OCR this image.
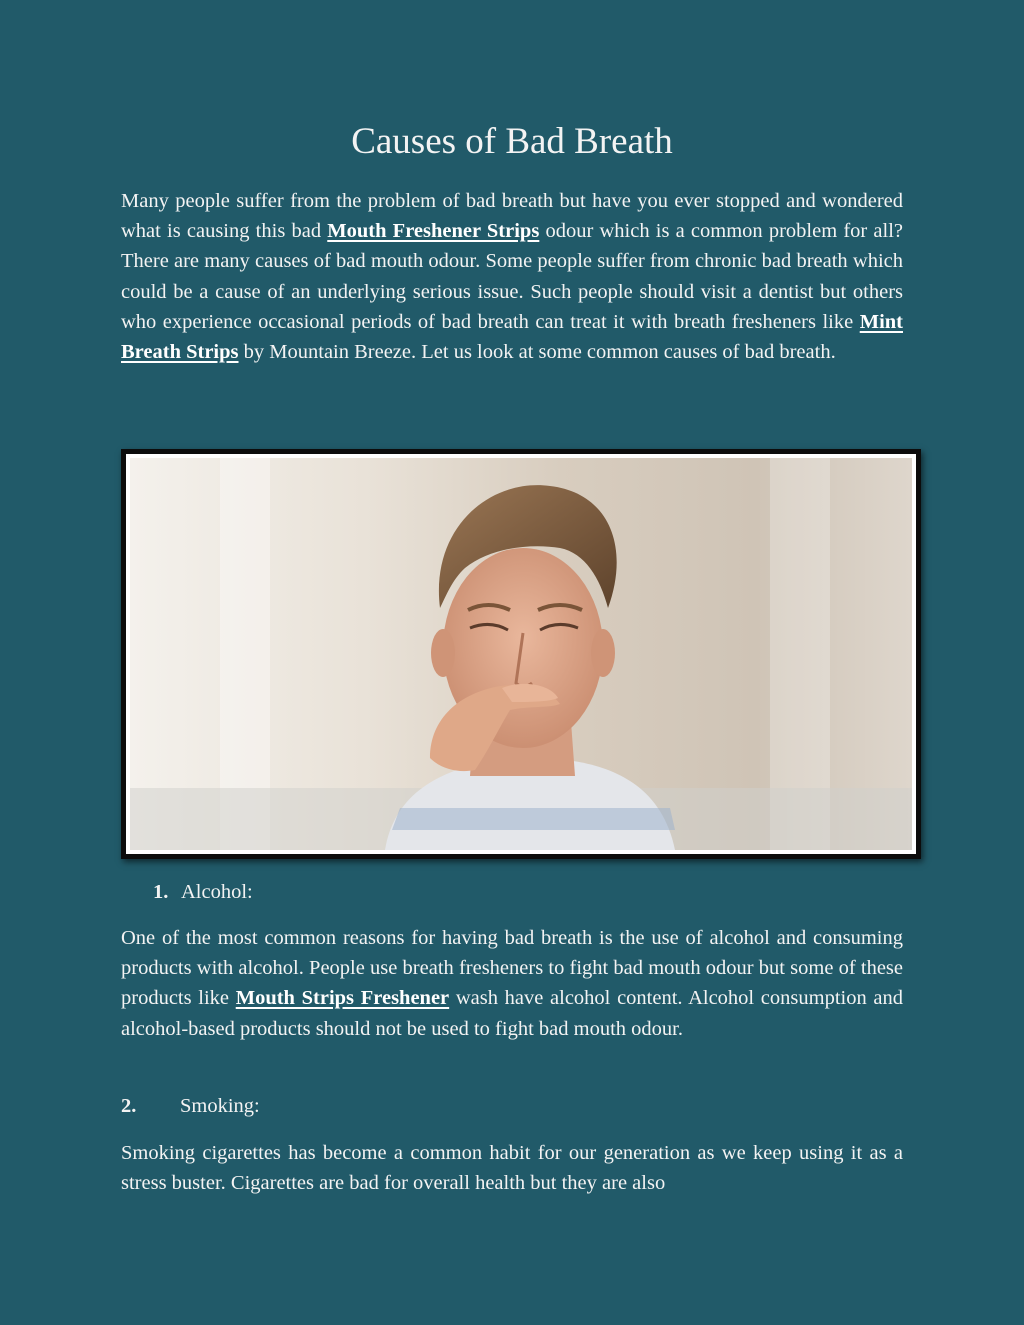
Causes of Bad Breath

Many people suffer from the problem of bad breath but have you ever stopped and wondered what is causing this bad Mouth Freshener Strips odour which is a common problem for all? There are many causes of bad mouth odour. Some people suffer from chronic bad breath which could be a cause of an underlying serious issue. Such people should visit a dentist but others who experience occasional periods of bad breath can treat it with breath fresheners like Mint Breath Strips by Mountain Breeze. Let us look at some common causes of bad breath.

1. Alcohol:

One of the most common reasons for having bad breath is the use of alcohol and consuming products with alcohol. People use breath fresheners to fight bad mouth odour but some of these products like Mouth Strips Freshener wash have alcohol content. Alcohol consumption and alcohol-based products should not be used to fight bad mouth odour.

2. Smoking:

Smoking cigarettes has become a common habit for our generation as we keep using it as a stress buster. Cigarettes are bad for overall health but they are also
